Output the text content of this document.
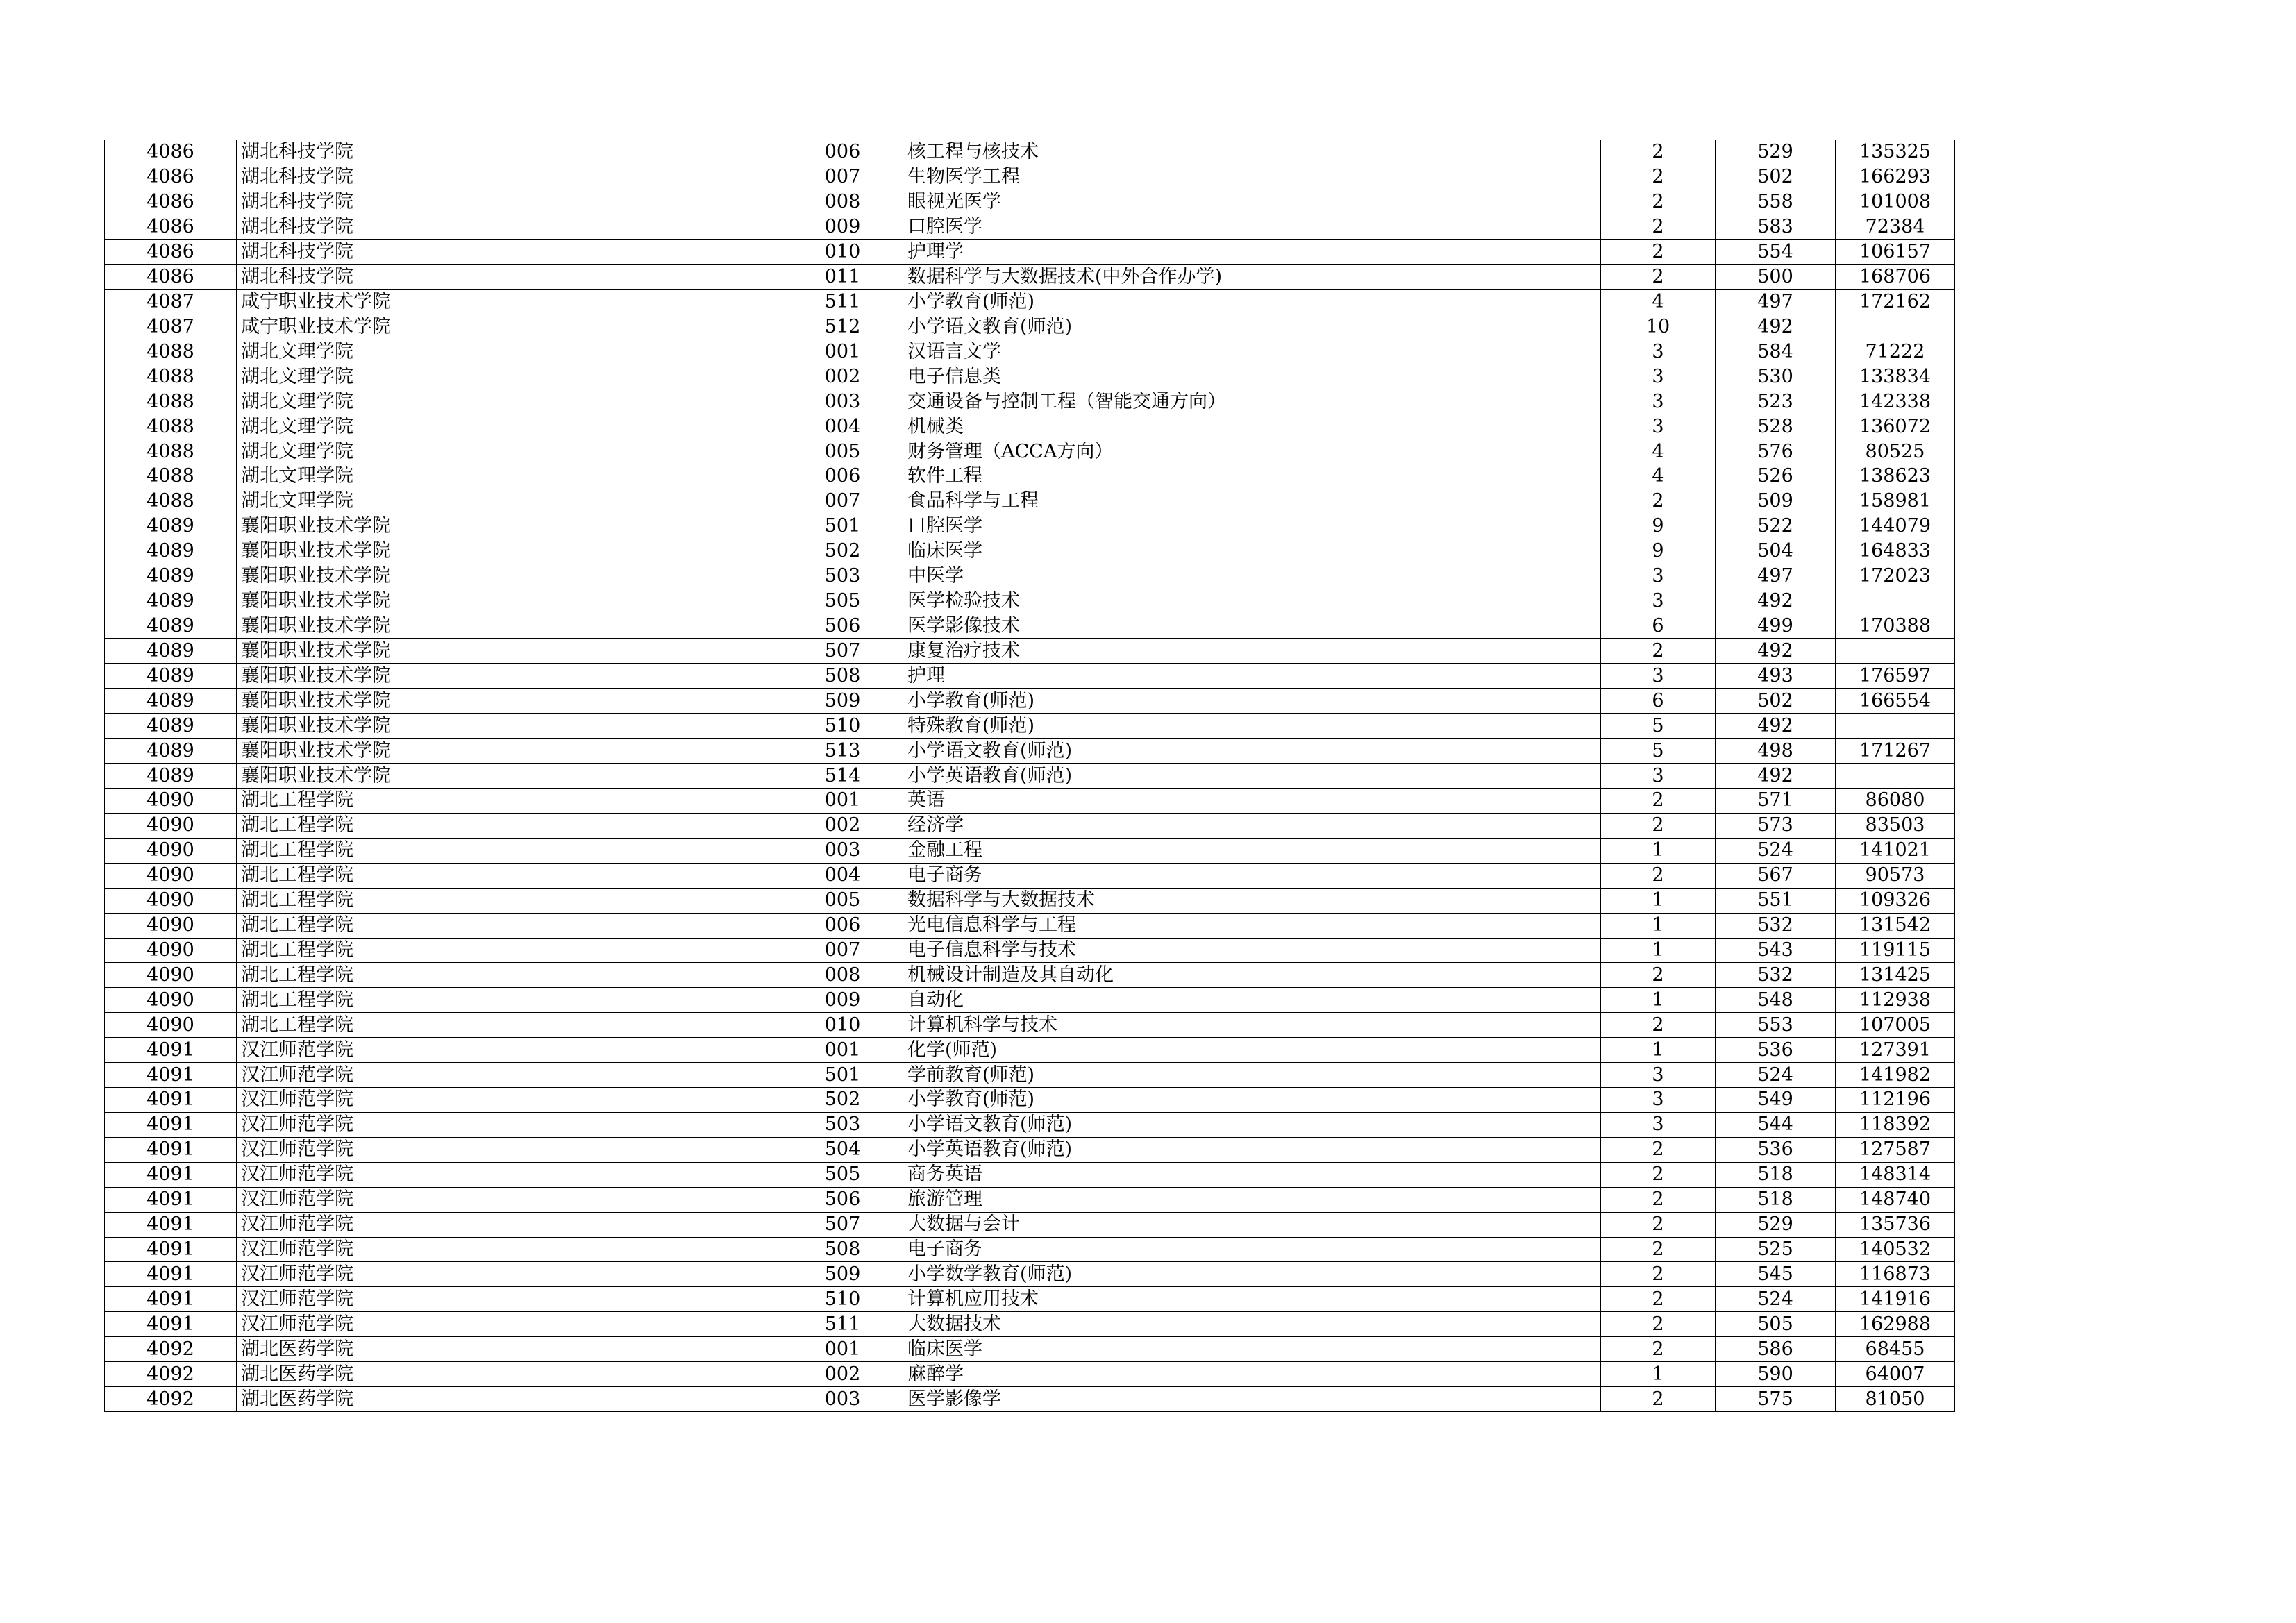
4086	湖北科技学院	006	核工程与核技术	2	529	135325
4086	湖北科技学院	007	生物医学工程	2	502	166293
4086	湖北科技学院	008	眼视光医学	2	558	101008
4086	湖北科技学院	009	口腔医学	2	583	72384
4086	湖北科技学院	010	护理学	2	554	106157
4086	湖北科技学院	011	数据科学与大数据技术(中外合作办学)	2	500	168706
4087	咸宁职业技术学院	511	小学教育(师范)	4	497	172162
4087	咸宁职业技术学院	512	小学语文教育(师范)	10	492	
4088	湖北文理学院	001	汉语言文学	3	584	71222
4088	湖北文理学院	002	电子信息类	3	530	133834
4088	湖北文理学院	003	交通设备与控制工程（智能交通方向）	3	523	142338
4088	湖北文理学院	004	机械类	3	528	136072
4088	湖北文理学院	005	财务管理（ACCA方向）	4	576	80525
4088	湖北文理学院	006	软件工程	4	526	138623
4088	湖北文理学院	007	食品科学与工程	2	509	158981
4089	襄阳职业技术学院	501	口腔医学	9	522	144079
4089	襄阳职业技术学院	502	临床医学	9	504	164833
4089	襄阳职业技术学院	503	中医学	3	497	172023
4089	襄阳职业技术学院	505	医学检验技术	3	492	
4089	襄阳职业技术学院	506	医学影像技术	6	499	170388
4089	襄阳职业技术学院	507	康复治疗技术	2	492	
4089	襄阳职业技术学院	508	护理	3	493	176597
4089	襄阳职业技术学院	509	小学教育(师范)	6	502	166554
4089	襄阳职业技术学院	510	特殊教育(师范)	5	492	
4089	襄阳职业技术学院	513	小学语文教育(师范)	5	498	171267
4089	襄阳职业技术学院	514	小学英语教育(师范)	3	492	
4090	湖北工程学院	001	英语	2	571	86080
4090	湖北工程学院	002	经济学	2	573	83503
4090	湖北工程学院	003	金融工程	1	524	141021
4090	湖北工程学院	004	电子商务	2	567	90573
4090	湖北工程学院	005	数据科学与大数据技术	1	551	109326
4090	湖北工程学院	006	光电信息科学与工程	1	532	131542
4090	湖北工程学院	007	电子信息科学与技术	1	543	119115
4090	湖北工程学院	008	机械设计制造及其自动化	2	532	131425
4090	湖北工程学院	009	自动化	1	548	112938
4090	湖北工程学院	010	计算机科学与技术	2	553	107005
4091	汉江师范学院	001	化学(师范)	1	536	127391
4091	汉江师范学院	501	学前教育(师范)	3	524	141982
4091	汉江师范学院	502	小学教育(师范)	3	549	112196
4091	汉江师范学院	503	小学语文教育(师范)	3	544	118392
4091	汉江师范学院	504	小学英语教育(师范)	2	536	127587
4091	汉江师范学院	505	商务英语	2	518	148314
4091	汉江师范学院	506	旅游管理	2	518	148740
4091	汉江师范学院	507	大数据与会计	2	529	135736
4091	汉江师范学院	508	电子商务	2	525	140532
4091	汉江师范学院	509	小学数学教育(师范)	2	545	116873
4091	汉江师范学院	510	计算机应用技术	2	524	141916
4091	汉江师范学院	511	大数据技术	2	505	162988
4092	湖北医药学院	001	临床医学	2	586	68455
4092	湖北医药学院	002	麻醉学	1	590	64007
4092	湖北医药学院	003	医学影像学	2	575	81050
